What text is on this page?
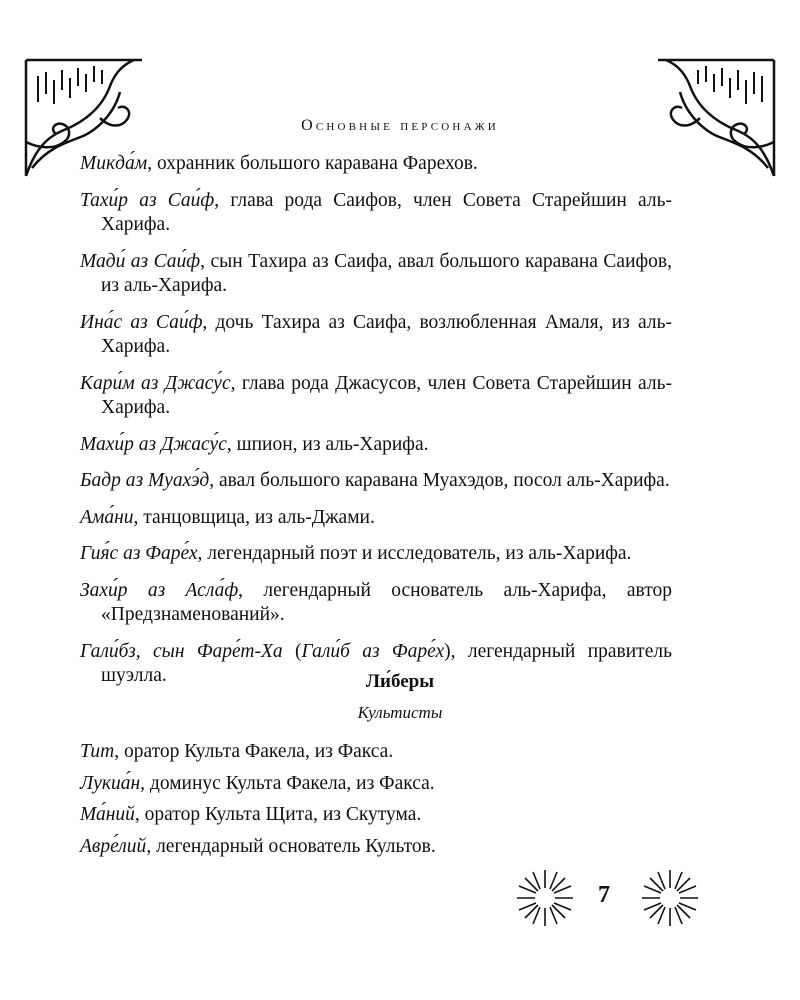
Основные персонажи

Микда́м, охранник большого каравана Фарехов.

Тахи́р аз Саи́ф, глава рода Саифов, член Совета Старейшин аль-Харифа.

Мади́ аз Саи́ф, сын Тахира аз Саифа, авал большого каравана Саифов, из аль-Харифа.

Ина́с аз Саи́ф, дочь Тахира аз Саифа, возлюбленная Амаля, из аль-Харифа.

Кари́м аз Джасу́с, глава рода Джасусов, член Совета Старейшин аль-Харифа.

Махи́р аз Джасу́с, шпион, из аль-Харифа.

Бадр аз Муахэ́д, авал большого каравана Муахэдов, посол аль-Харифа.

Ама́ни, танцовщица, из аль-Джами.

Гия́с аз Фаре́х, легендарный поэт и исследователь, из аль-Харифа.

Захи́р аз Асла́ф, легендарный основатель аль-Харифа, автор «Предзнаменований».

Гали́бз, сын Фаре́т-Ха (Гали́б аз Фаре́х), легендарный правитель шуэлла.	Ли́беры
Культисты

Тит, оратор Культа Факела, из Факса.

Лукиа́н, доминус Культа Факела, из Факса.

Ма́ний, оратор Культа Щита, из Скутума.

Авре́лий, легендарный основатель Культов.

7
